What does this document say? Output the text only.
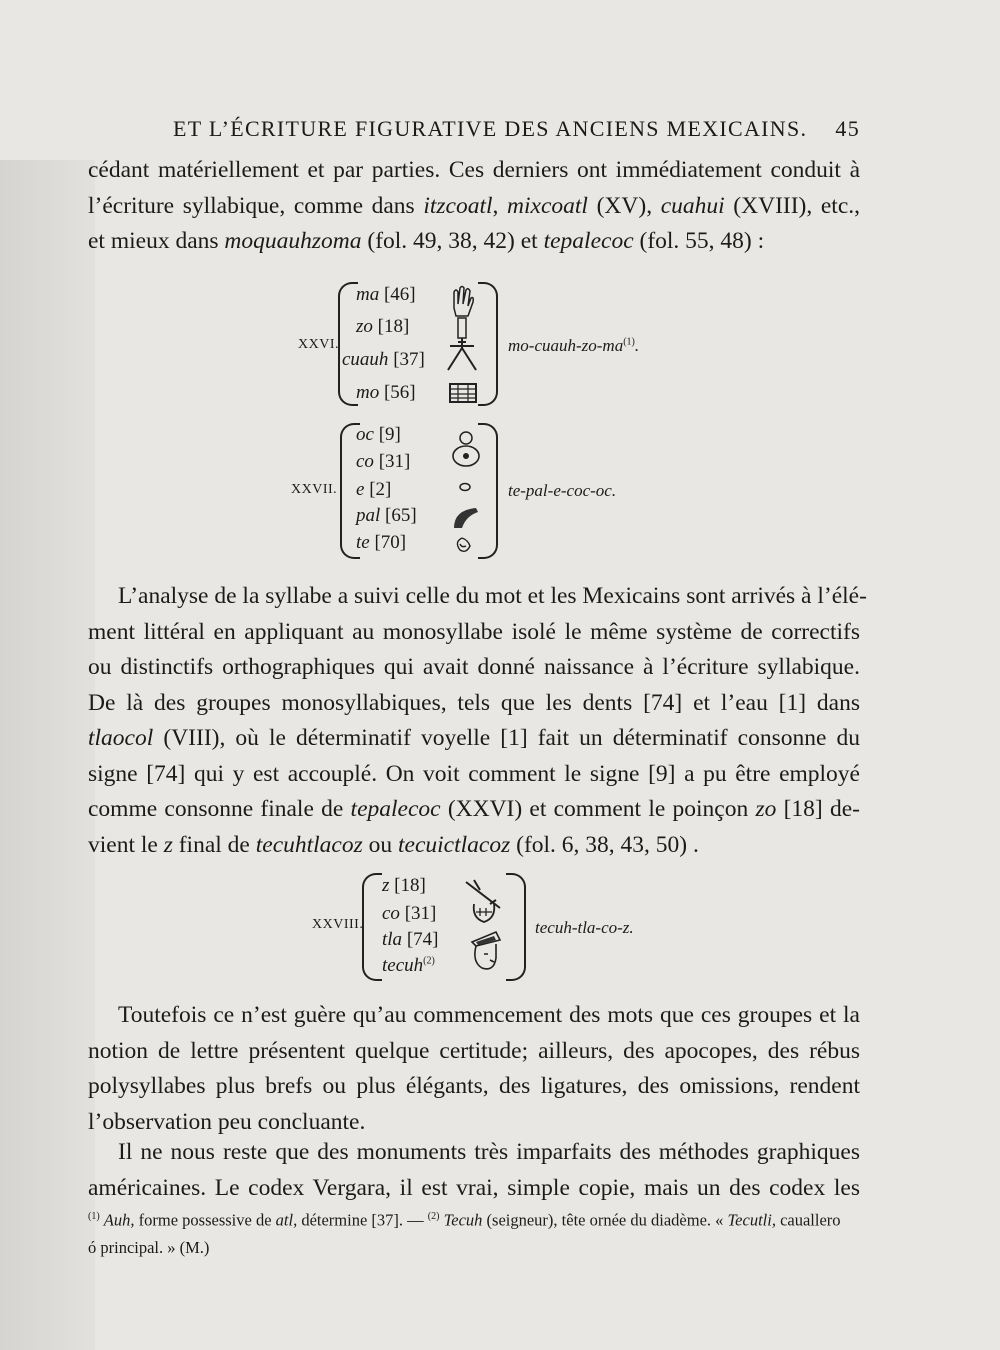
ET L’ÉCRITURE FIGURATIVE DES ANCIENS MEXICAINS. 45

cédant matériellement et par parties. Ces derniers ont immédiatement conduit à

l’écriture syllabique, comme dans itzcoatl, mixcoatl (XV), cuahui (XVIII), etc.,

et mieux dans moquauhzoma (fol. 49, 38, 42) et tepalecoc (fol. 55, 48) :

XXVI.
ma [46]
zo [18]
cuauh [37]
mo [56]
$mo-cuauh-zo-ma^{(1)}$.
XXVII.
oc [9]
co [31]
e [2]
pal [65]
te [70]
te-pal-e-coc-oc.

L’analyse de la syllabe a suivi celle du mot et les Mexicains sont arrivés à l’élé-

ment littéral en appliquant au monosyllabe isolé le même système de correctifs

ou distinctifs orthographiques qui avait donné naissance à l’écriture syllabique.

De là des groupes monosyllabiques, tels que les dents [74] et l’eau [1] dans

tlaocol (VIII), où le déterminatif voyelle [1] fait un déterminatif consonne du

signe [74] qui y est accouplé. On voit comment le signe [9] a pu être employé

comme consonne finale de tepalecoc (XXVI) et comment le poinçon zo [18] de-

vient le z final de tecuhtlacoz ou tecuictlacoz (fol. 6, 38, 43, 50) .

XXVIII.
z [18]
co [31]
tla [74]
tecuh$^{(2)}$
tecuh-tla-co-z.

Toutefois ce n’est guère qu’au commencement des mots que ces groupes et la

notion de lettre présentent quelque certitude; ailleurs, des apocopes, des rébus

polysyllabes plus brefs ou plus élégants, des ligatures, des omissions, rendent

l’observation peu concluante.

Il ne nous reste que des monuments très imparfaits des méthodes graphiques

américaines. Le codex Vergara, il est vrai, simple copie, mais un des codex les

$^{(1)}$ Auh, forme possessive de atl, détermine [37]. — $^{(2)}$ Tecuh (seigneur), tête ornée du diadème. « Tecutli, cauallero

ó principal. » (M.)
